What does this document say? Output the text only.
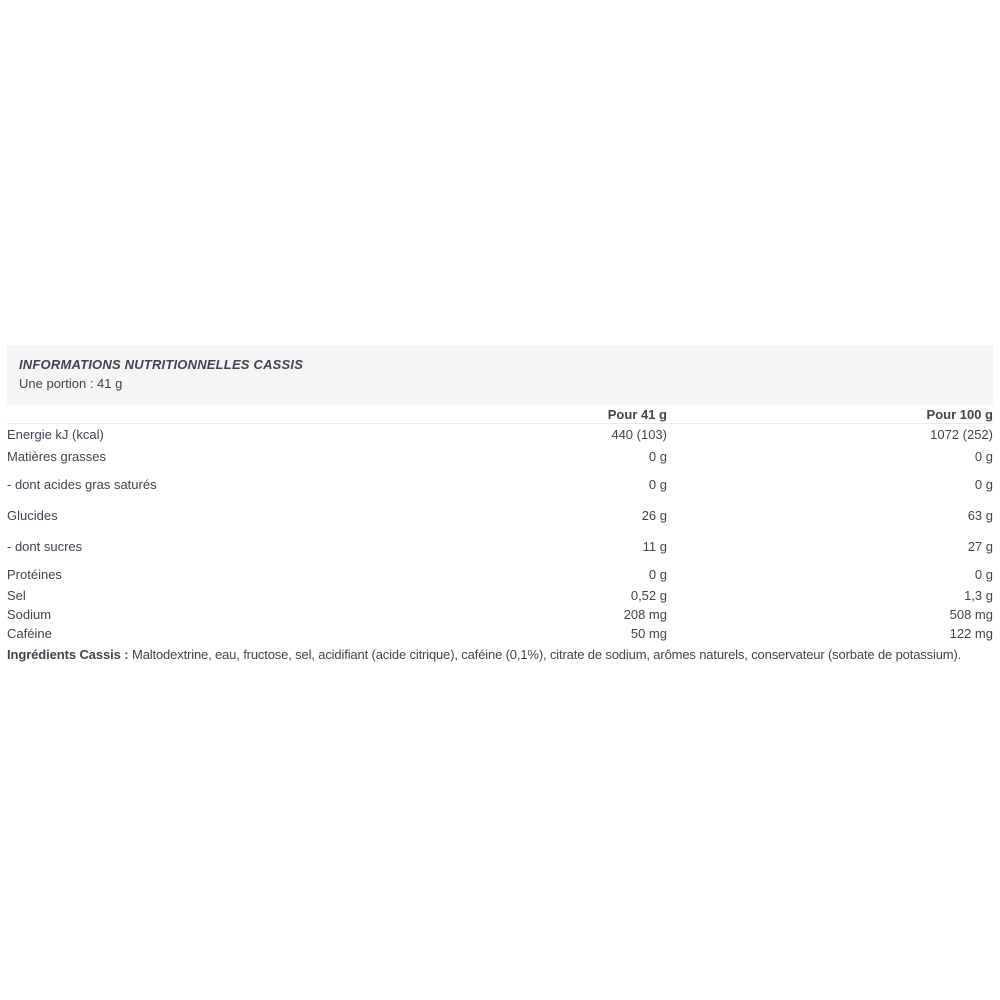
INFORMATIONS NUTRITIONNELLES CASSIS
Une portion : 41 g
	Pour 41 g	Pour 100 g
Energie kJ (kcal)	440 (103)	1072 (252)
Matières grasses	0 g	0 g
- dont acides gras saturés	0 g	0 g
Glucides	26 g	63 g
- dont sucres	11 g	27 g
Protéines	0 g	0 g
Sel	0,52 g	1,3 g
Sodium	208 mg	508 mg
Caféine	50 mg	122 mg

Ingrédients Cassis : Maltodextrine, eau, fructose, sel, acidifiant (acide citrique), caféine (0,1%), citrate de sodium, arômes naturels, conservateur (sorbate de potassium).
